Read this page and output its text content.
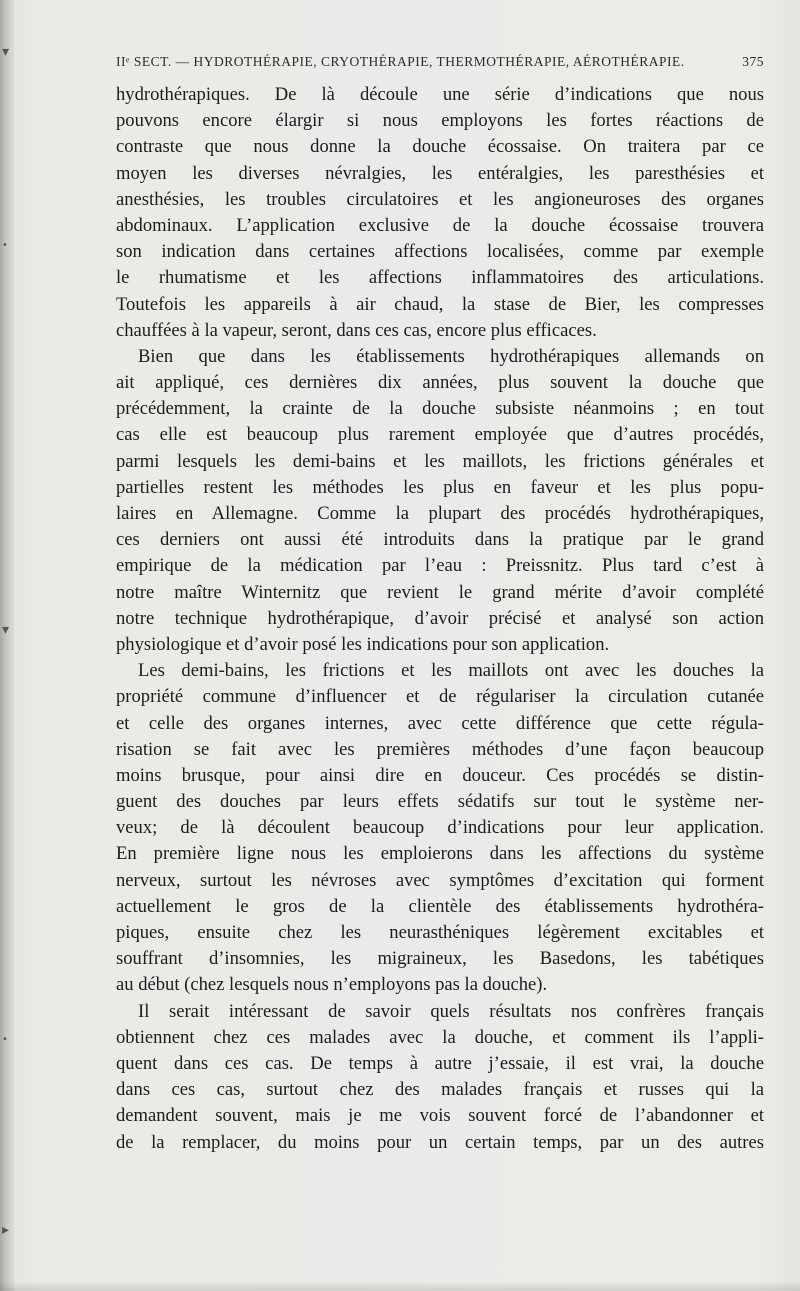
▾
•
▾
•
▸
IIᵉ SECT. — HYDROTHÉRAPIE, CRYOTHÉRAPIE, THERMOTHÉRAPIE, AÉROTHÉRAPIE.	375
hydrothérapiques. De là découle une série d’indications que nous
pouvons encore élargir si nous employons les fortes réactions de
contraste que nous donne la douche écossaise. On traitera par ce
moyen les diverses névralgies, les entéralgies, les paresthésies et
anesthésies, les troubles circulatoires et les angioneuroses des organes
abdominaux. L’application exclusive de la douche écossaise trouvera
son indication dans certaines affections localisées, comme par exemple
le rhumatisme et les affections inflammatoires des articulations.
Toutefois les appareils à air chaud, la stase de Bier, les compresses
chauffées à la vapeur, seront, dans ces cas, encore plus efficaces.
Bien que dans les établissements hydrothérapiques allemands on
ait appliqué, ces dernières dix années, plus souvent la douche que
précédemment, la crainte de la douche subsiste néanmoins ; en tout
cas elle est beaucoup plus rarement employée que d’autres procédés,
parmi lesquels les demi-bains et les maillots, les frictions générales et
partielles restent les méthodes les plus en faveur et les plus popu-
laires en Allemagne. Comme la plupart des procédés hydrothérapiques,
ces derniers ont aussi été introduits dans la pratique par le grand
empirique de la médication par l’eau : Preissnitz. Plus tard c’est à
notre maître Winternitz que revient le grand mérite d’avoir complété
notre technique hydrothérapique, d’avoir précisé et analysé son action
physiologique et d’avoir posé les indications pour son application.
Les demi-bains, les frictions et les maillots ont avec les douches la
propriété commune d’influencer et de régulariser la circulation cutanée
et celle des organes internes, avec cette différence que cette régula-
risation se fait avec les premières méthodes d’une façon beaucoup
moins brusque, pour ainsi dire en douceur. Ces procédés se distin-
guent des douches par leurs effets sédatifs sur tout le système ner-
veux; de là découlent beaucoup d’indications pour leur application.
En première ligne nous les emploierons dans les affections du système
nerveux, surtout les névroses avec symptômes d’excitation qui forment
actuellement le gros de la clientèle des établissements hydrothéra-
piques, ensuite chez les neurasthéniques légèrement excitables et
souffrant d’insomnies, les migraineux, les Basedons, les tabétiques
au début (chez lesquels nous n’employons pas la douche).
Il serait intéressant de savoir quels résultats nos confrères français
obtiennent chez ces malades avec la douche, et comment ils l’appli-
quent dans ces cas. De temps à autre j’essaie, il est vrai, la douche
dans ces cas, surtout chez des malades français et russes qui la
demandent souvent, mais je me vois souvent forcé de l’abandonner et
de la remplacer, du moins pour un certain temps, par un des autres
